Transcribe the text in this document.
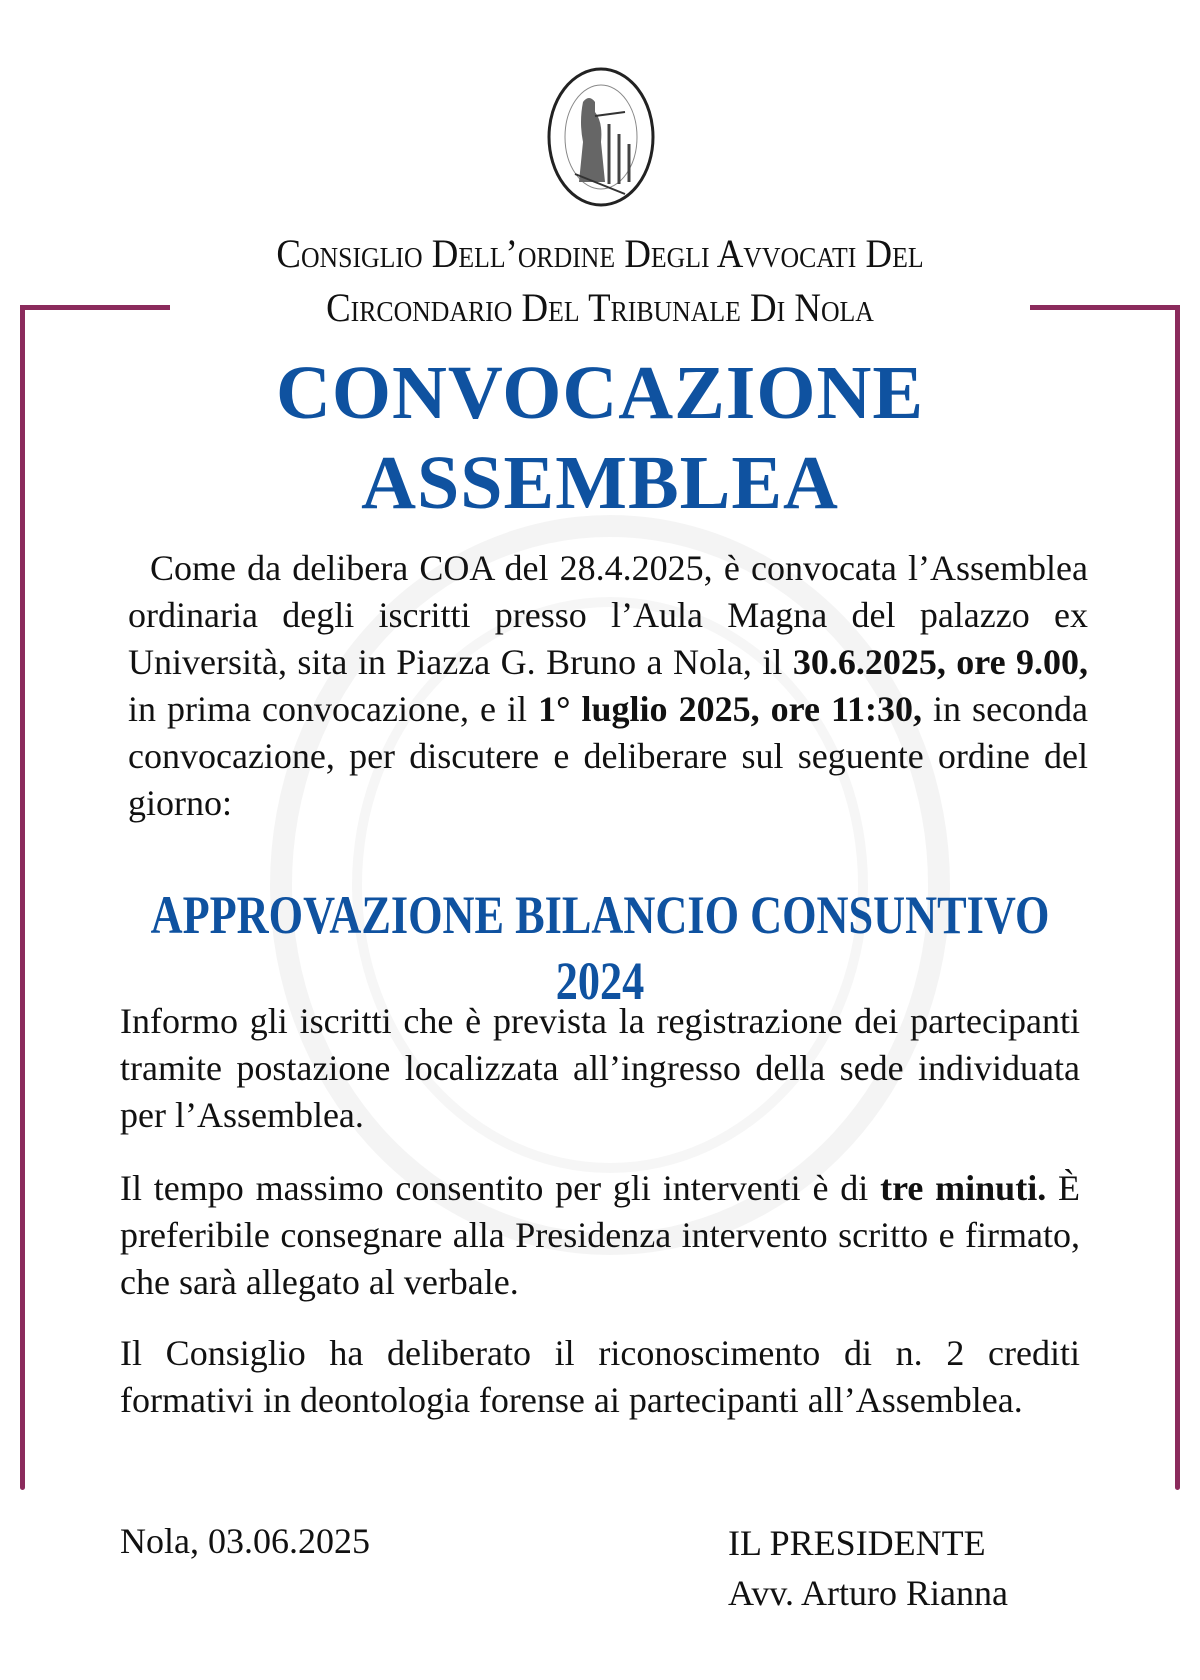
Consiglio Dell’ordine Degli Avvocati Del
Circondario Del Tribunale Di Nola
CONVOCAZIONE
ASSEMBLEA
Come da delibera COA del 28.4.2025, è convocata l’Assemblea ordinaria degli iscritti presso l’Aula Magna del palazzo ex Università, sita in Piazza G. Bruno a Nola, il 30.6.2025, ore 9.00, in prima convocazione, e il 1° luglio 2025, ore 11:30, in seconda convocazione, per discutere e deliberare sul seguente ordine del giorno:
APPROVAZIONE BILANCIO CONSUNTIVO 2024
Informo gli iscritti che è prevista la registrazione dei partecipanti tramite postazione localizzata all’ingresso della sede individuata per l’Assemblea.
Il tempo massimo consentito per gli interventi è di tre minuti. È preferibile consegnare alla Presidenza intervento scritto e firmato, che sarà allegato al verbale.
Il Consiglio ha deliberato il riconoscimento di n. 2 crediti formativi in deontologia forense ai partecipanti all’Assemblea.
Nola, 03.06.2025	IL PRESIDENTE
Avv. Arturo Rianna
